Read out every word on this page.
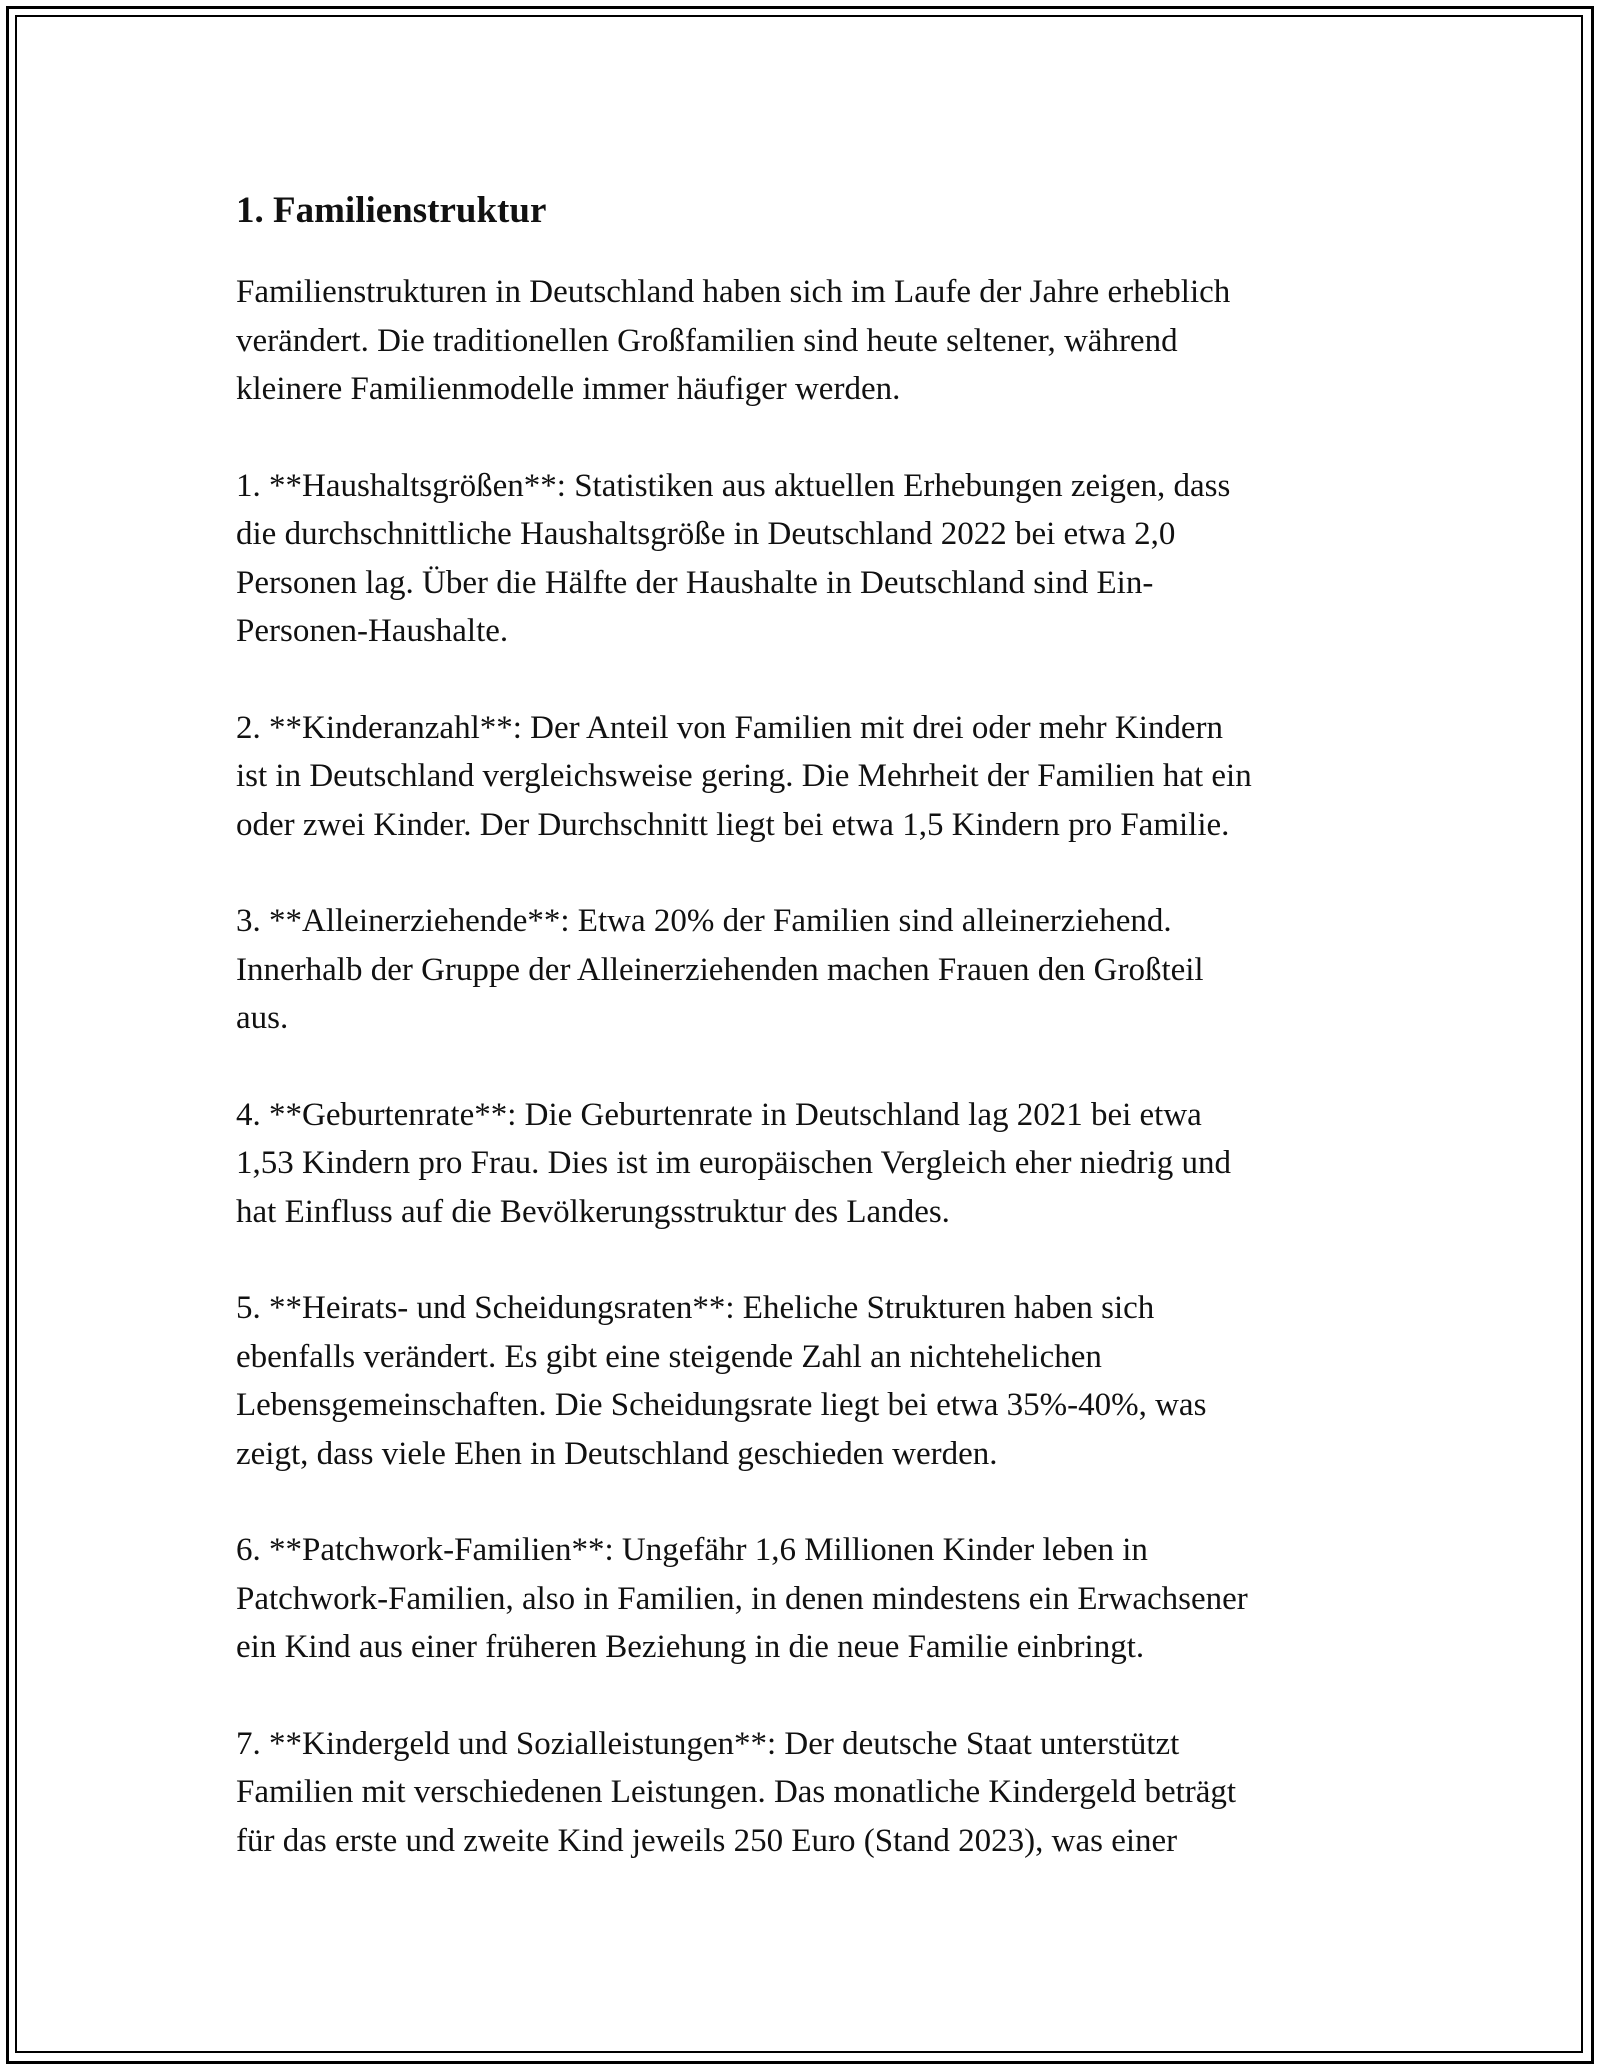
1. Familienstruktur

Familienstrukturen in Deutschland haben sich im Laufe der Jahre erheblich
verändert. Die traditionellen Großfamilien sind heute seltener, während
kleinere Familienmodelle immer häufiger werden.

1. **Haushaltsgrößen**: Statistiken aus aktuellen Erhebungen zeigen, dass
die durchschnittliche Haushaltsgröße in Deutschland 2022 bei etwa 2,0
Personen lag. Über die Hälfte der Haushalte in Deutschland sind Ein-
Personen-Haushalte.

2. **Kinderanzahl**: Der Anteil von Familien mit drei oder mehr Kindern
ist in Deutschland vergleichsweise gering. Die Mehrheit der Familien hat ein
oder zwei Kinder. Der Durchschnitt liegt bei etwa 1,5 Kindern pro Familie.

3. **Alleinerziehende**: Etwa 20% der Familien sind alleinerziehend.
Innerhalb der Gruppe der Alleinerziehenden machen Frauen den Großteil
aus.

4. **Geburtenrate**: Die Geburtenrate in Deutschland lag 2021 bei etwa
1,53 Kindern pro Frau. Dies ist im europäischen Vergleich eher niedrig und
hat Einfluss auf die Bevölkerungsstruktur des Landes.

5. **Heirats- und Scheidungsraten**: Eheliche Strukturen haben sich
ebenfalls verändert. Es gibt eine steigende Zahl an nichtehelichen
Lebensgemeinschaften. Die Scheidungsrate liegt bei etwa 35%-40%, was
zeigt, dass viele Ehen in Deutschland geschieden werden.

6. **Patchwork-Familien**: Ungefähr 1,6 Millionen Kinder leben in
Patchwork-Familien, also in Familien, in denen mindestens ein Erwachsener
ein Kind aus einer früheren Beziehung in die neue Familie einbringt.

7. **Kindergeld und Sozialleistungen**: Der deutsche Staat unterstützt
Familien mit verschiedenen Leistungen. Das monatliche Kindergeld beträgt
für das erste und zweite Kind jeweils 250 Euro (Stand 2023), was einer
